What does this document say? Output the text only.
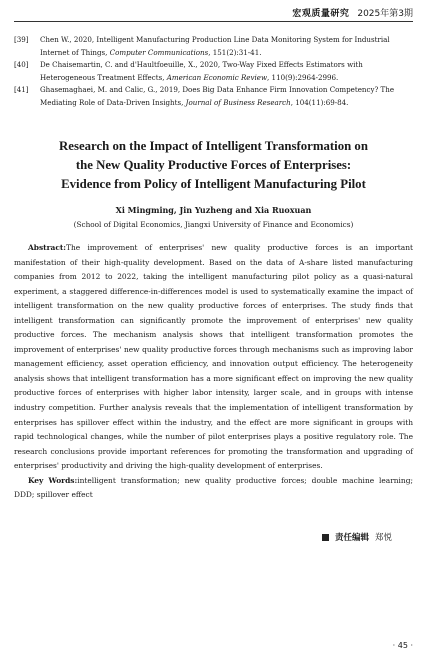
宏观质量研究 2025年第3期
[39]	Chen W., 2020, Intelligent Manufacturing Production Line Data Monitoring System for Industrial Internet of Things, Computer Communications, 151(2):31-41.
[40]	De Chaisemartin, C. and d'Haultfoeuille, X., 2020, Two-Way Fixed Effects Estimators with Heterogeneous Treatment Effects, American Economic Review, 110(9):2964-2996.
[41]	Ghasemaghaei, M. and Calic, G., 2019, Does Big Data Enhance Firm Innovation Competency? The Mediating Role of Data-Driven Insights, Journal of Business Research, 104(11):69-84.
Research on the Impact of Intelligent Transformation on
the New Quality Productive Forces of Enterprises:
Evidence from Policy of Intelligent Manufacturing Pilot
Xi Mingming, Jin Yuzheng and Xia Ruoxuan
(School of Digital Economics, Jiangxi University of Finance and Economics)

Abstract:The improvement of enterprises' new quality productive forces is an important manifestation of their high-quality development. Based on the data of A-share listed manufacturing companies from 2012 to 2022, taking the intelligent manufacturing pilot policy as a quasi-natural experiment, a staggered difference-in-differences model is used to systematically examine the impact of intelligent transformation on the new quality productive forces of enterprises. The study finds that intelligent transformation can significantly promote the improvement of enterprises' new quality productive forces. The mechanism analysis shows that intelligent transformation promotes the improvement of enterprises' new quality productive forces through mechanisms such as improving labor management efficiency, asset operation efficiency, and innovation output efficiency. The heterogeneity analysis shows that intelligent transformation has a more significant effect on improving the new quality productive forces of enterprises with higher labor intensity, larger scale, and in groups with intense industry competition. Further analysis reveals that the implementation of intelligent transformation by enterprises has spillover effect within the industry, and the effect are more significant in groups with rapid technological changes, while the number of pilot enterprises plays a positive regulatory role. The research conclusions provide important references for promoting the transformation and upgrading of enterprises' productivity and driving the high-quality development of enterprises.

Key Words:intelligent transformation; new quality productive forces; double machine learning; DDD; spillover effect

责任编辑 郑悦
· 45 ·
